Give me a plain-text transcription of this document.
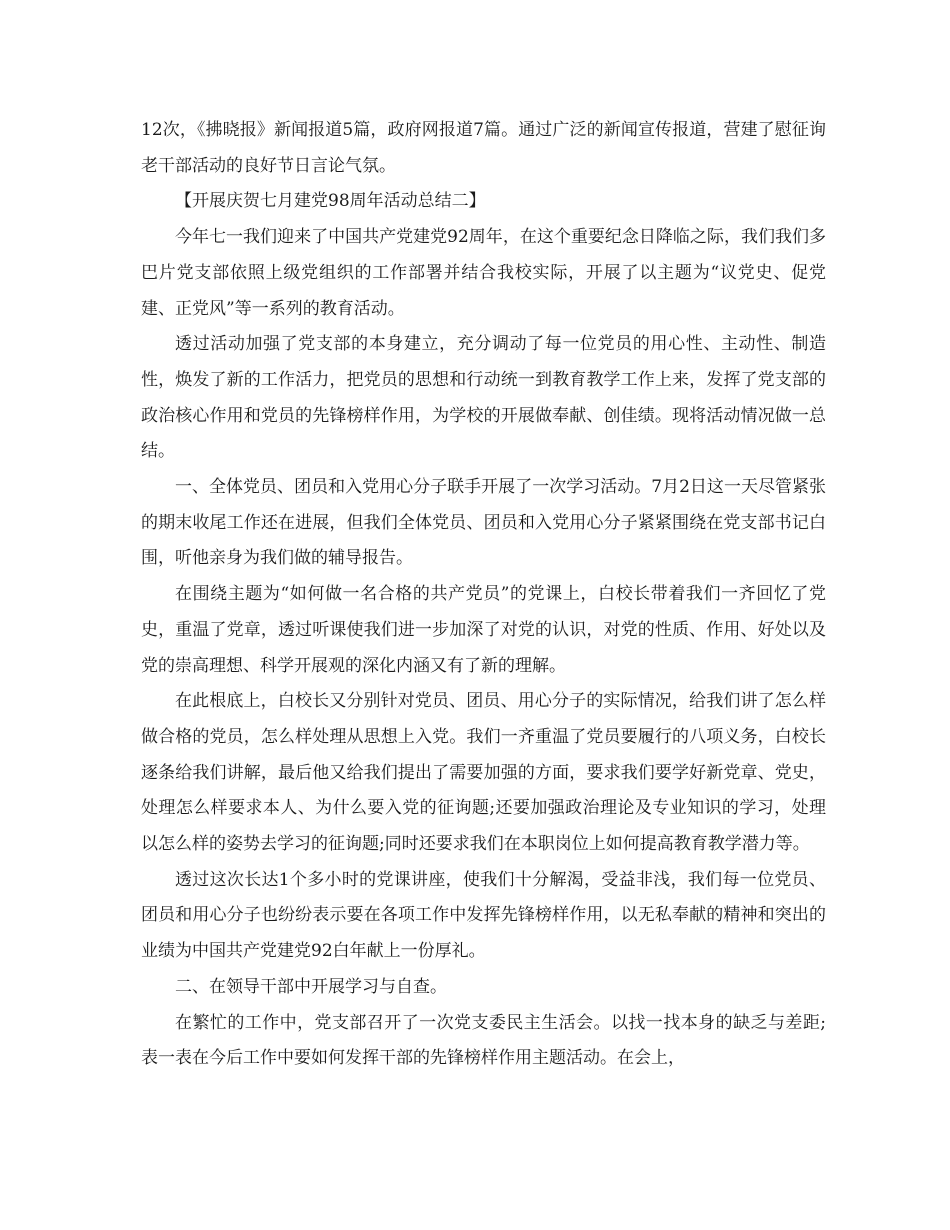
12次，《拂晓报》新闻报道5篇，政府网报道7篇。通过广泛的新闻宣传报道，营建了慰征询老干部活动的良好节日言论气氛。

【开展庆贺七月建党98周年活动总结二】

今年七一我们迎来了中国共产党建党92周年，在这个重要纪念日降临之际，我们我们多巴片党支部依照上级党组织的工作部署并结合我校实际，开展了以主题为“议党史、促党建、正党风”等一系列的教育活动。

透过活动加强了党支部的本身建立，充分调动了每一位党员的用心性、主动性、制造性，焕发了新的工作活力，把党员的思想和行动统一到教育教学工作上来，发挥了党支部的政治核心作用和党员的先锋榜样作用，为学校的开展做奉献、创佳绩。现将活动情况做一总结。

一、全体党员、团员和入党用心分子联手开展了一次学习活动。7月2日这一天尽管紧张的期末收尾工作还在进展，但我们全体党员、团员和入党用心分子紧紧围绕在党支部书记白围，听他亲身为我们做的辅导报告。

在围绕主题为“如何做一名合格的共产党员”的党课上，白校长带着我们一齐回忆了党史，重温了党章，透过听课使我们进一步加深了对党的认识，对党的性质、作用、好处以及党的崇高理想、科学开展观的深化内涵又有了新的理解。

在此根底上，白校长又分别针对党员、团员、用心分子的实际情况，给我们讲了怎么样做合格的党员，怎么样处理从思想上入党。我们一齐重温了党员要履行的八项义务，白校长逐条给我们讲解，最后他又给我们提出了需要加强的方面，要求我们要学好新党章、党史，处理怎么样要求本人、为什么要入党的征询题;还要加强政治理论及专业知识的学习，处理以怎么样的姿势去学习的征询题;同时还要求我们在本职岗位上如何提高教育教学潜力等。

透过这次长达1个多小时的党课讲座，使我们十分解渴，受益非浅，我们每一位党员、团员和用心分子也纷纷表示要在各项工作中发挥先锋榜样作用，以无私奉献的精神和突出的业绩为中国共产党建党92白年献上一份厚礼。

二、在领导干部中开展学习与自查。

在繁忙的工作中，党支部召开了一次党支委民主生活会。以找一找本身的缺乏与差距;表一表在今后工作中要如何发挥干部的先锋榜样作用主题活动。在会上，
